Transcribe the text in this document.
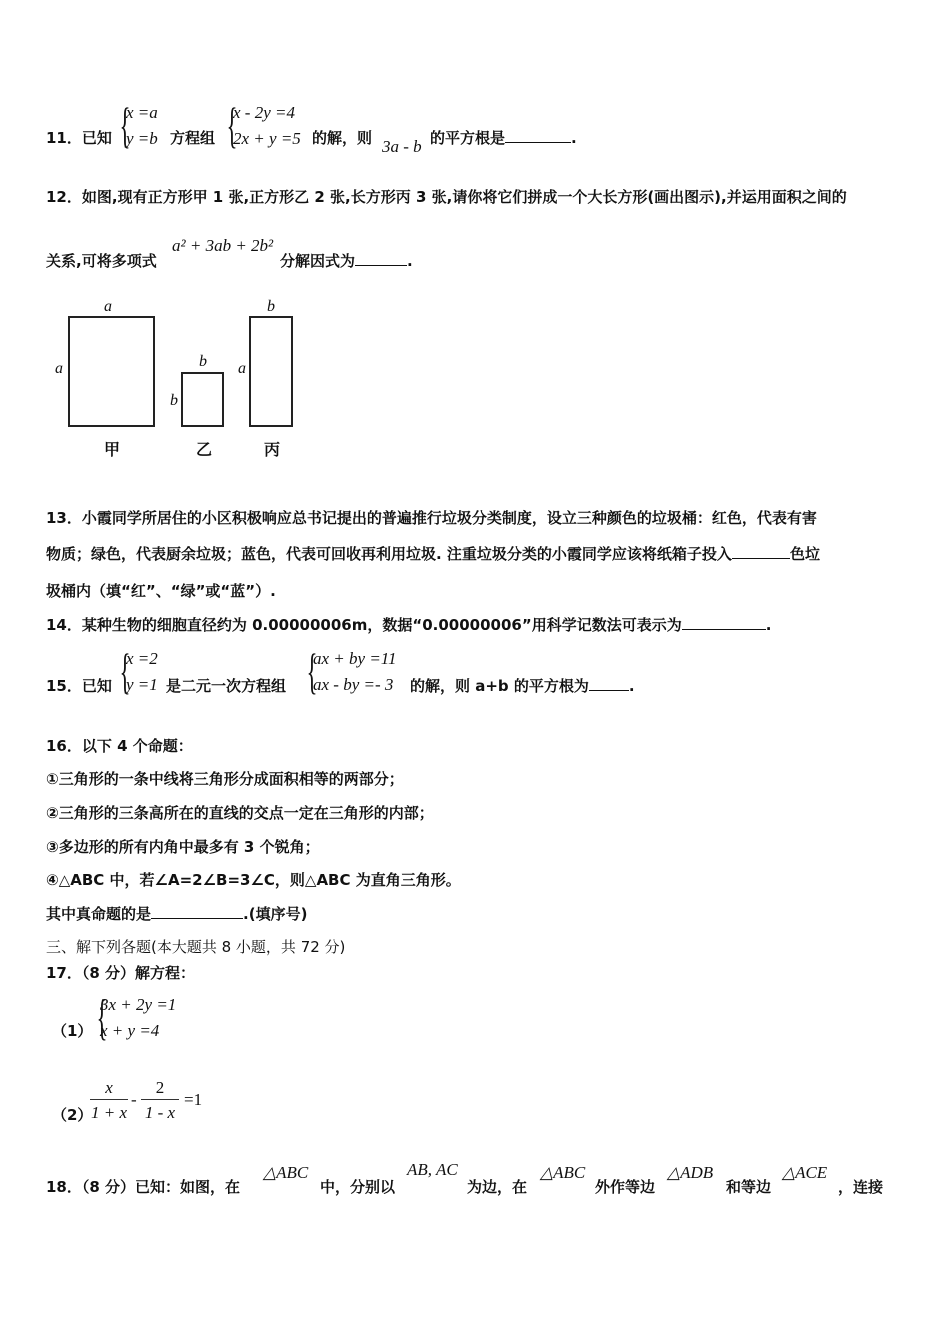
11．已知 {
x =a
y =b 方程组 {
x - 2y =4
2x + y =5 的解，则 3a - b 的平方根是	.
12．如图,现有正方形甲 1 张,正方形乙 2 张,长方形丙 3 张,请你将它们拼成一个大长方形(画出图示),并运用面积之间的
关系,可将多项式
a² + 3ab + 2b²
分解因式为	.
a
a
甲
b
b
乙
b
a
丙
13．小霞同学所居住的小区积极响应总书记提出的普遍推行垃圾分类制度，设立三种颜色的垃圾桶：红色，代表有害
物质；绿色，代表厨余垃圾；蓝色，代表可回收再利用垃圾. 注重垃圾分类的小霞同学应该将纸箱子投入	色垃
圾桶内（填“红”、“绿”或“蓝”）.
14．某种生物的细胞直径约为 0.00000006m，数据“0.00000006”用科学记数法可表示为	.
15．已知 {
x =2
y =1 是二元一次方程组 {
ax + by =11
ax - by =- 3 的解，则 a+b 的平方根为	.
16．以下 4 个命题：
①三角形的一条中线将三角形分成面积相等的两部分；
②三角形的三条高所在的直线的交点一定在三角形的内部；
③多边形的所有内角中最多有 3 个锐角；
④△ABC 中，若∠A=2∠B=3∠C，则△ABC 为直角三角形。
其中真命题的是	.(填序号)
三、解下列各题(本大题共 8 小题，共 72 分)
17．（8 分）解方程：
（1） {
3x + 2y =1
x + y =4
（2）
x
1 + x
-
2
1 - x
=1
18．（8 分）已知：如图，在
△ABC
中，分别以
AB, AC
为边，在
△ABC
外作等边
△ADB
和等边
△ACE
，连接
